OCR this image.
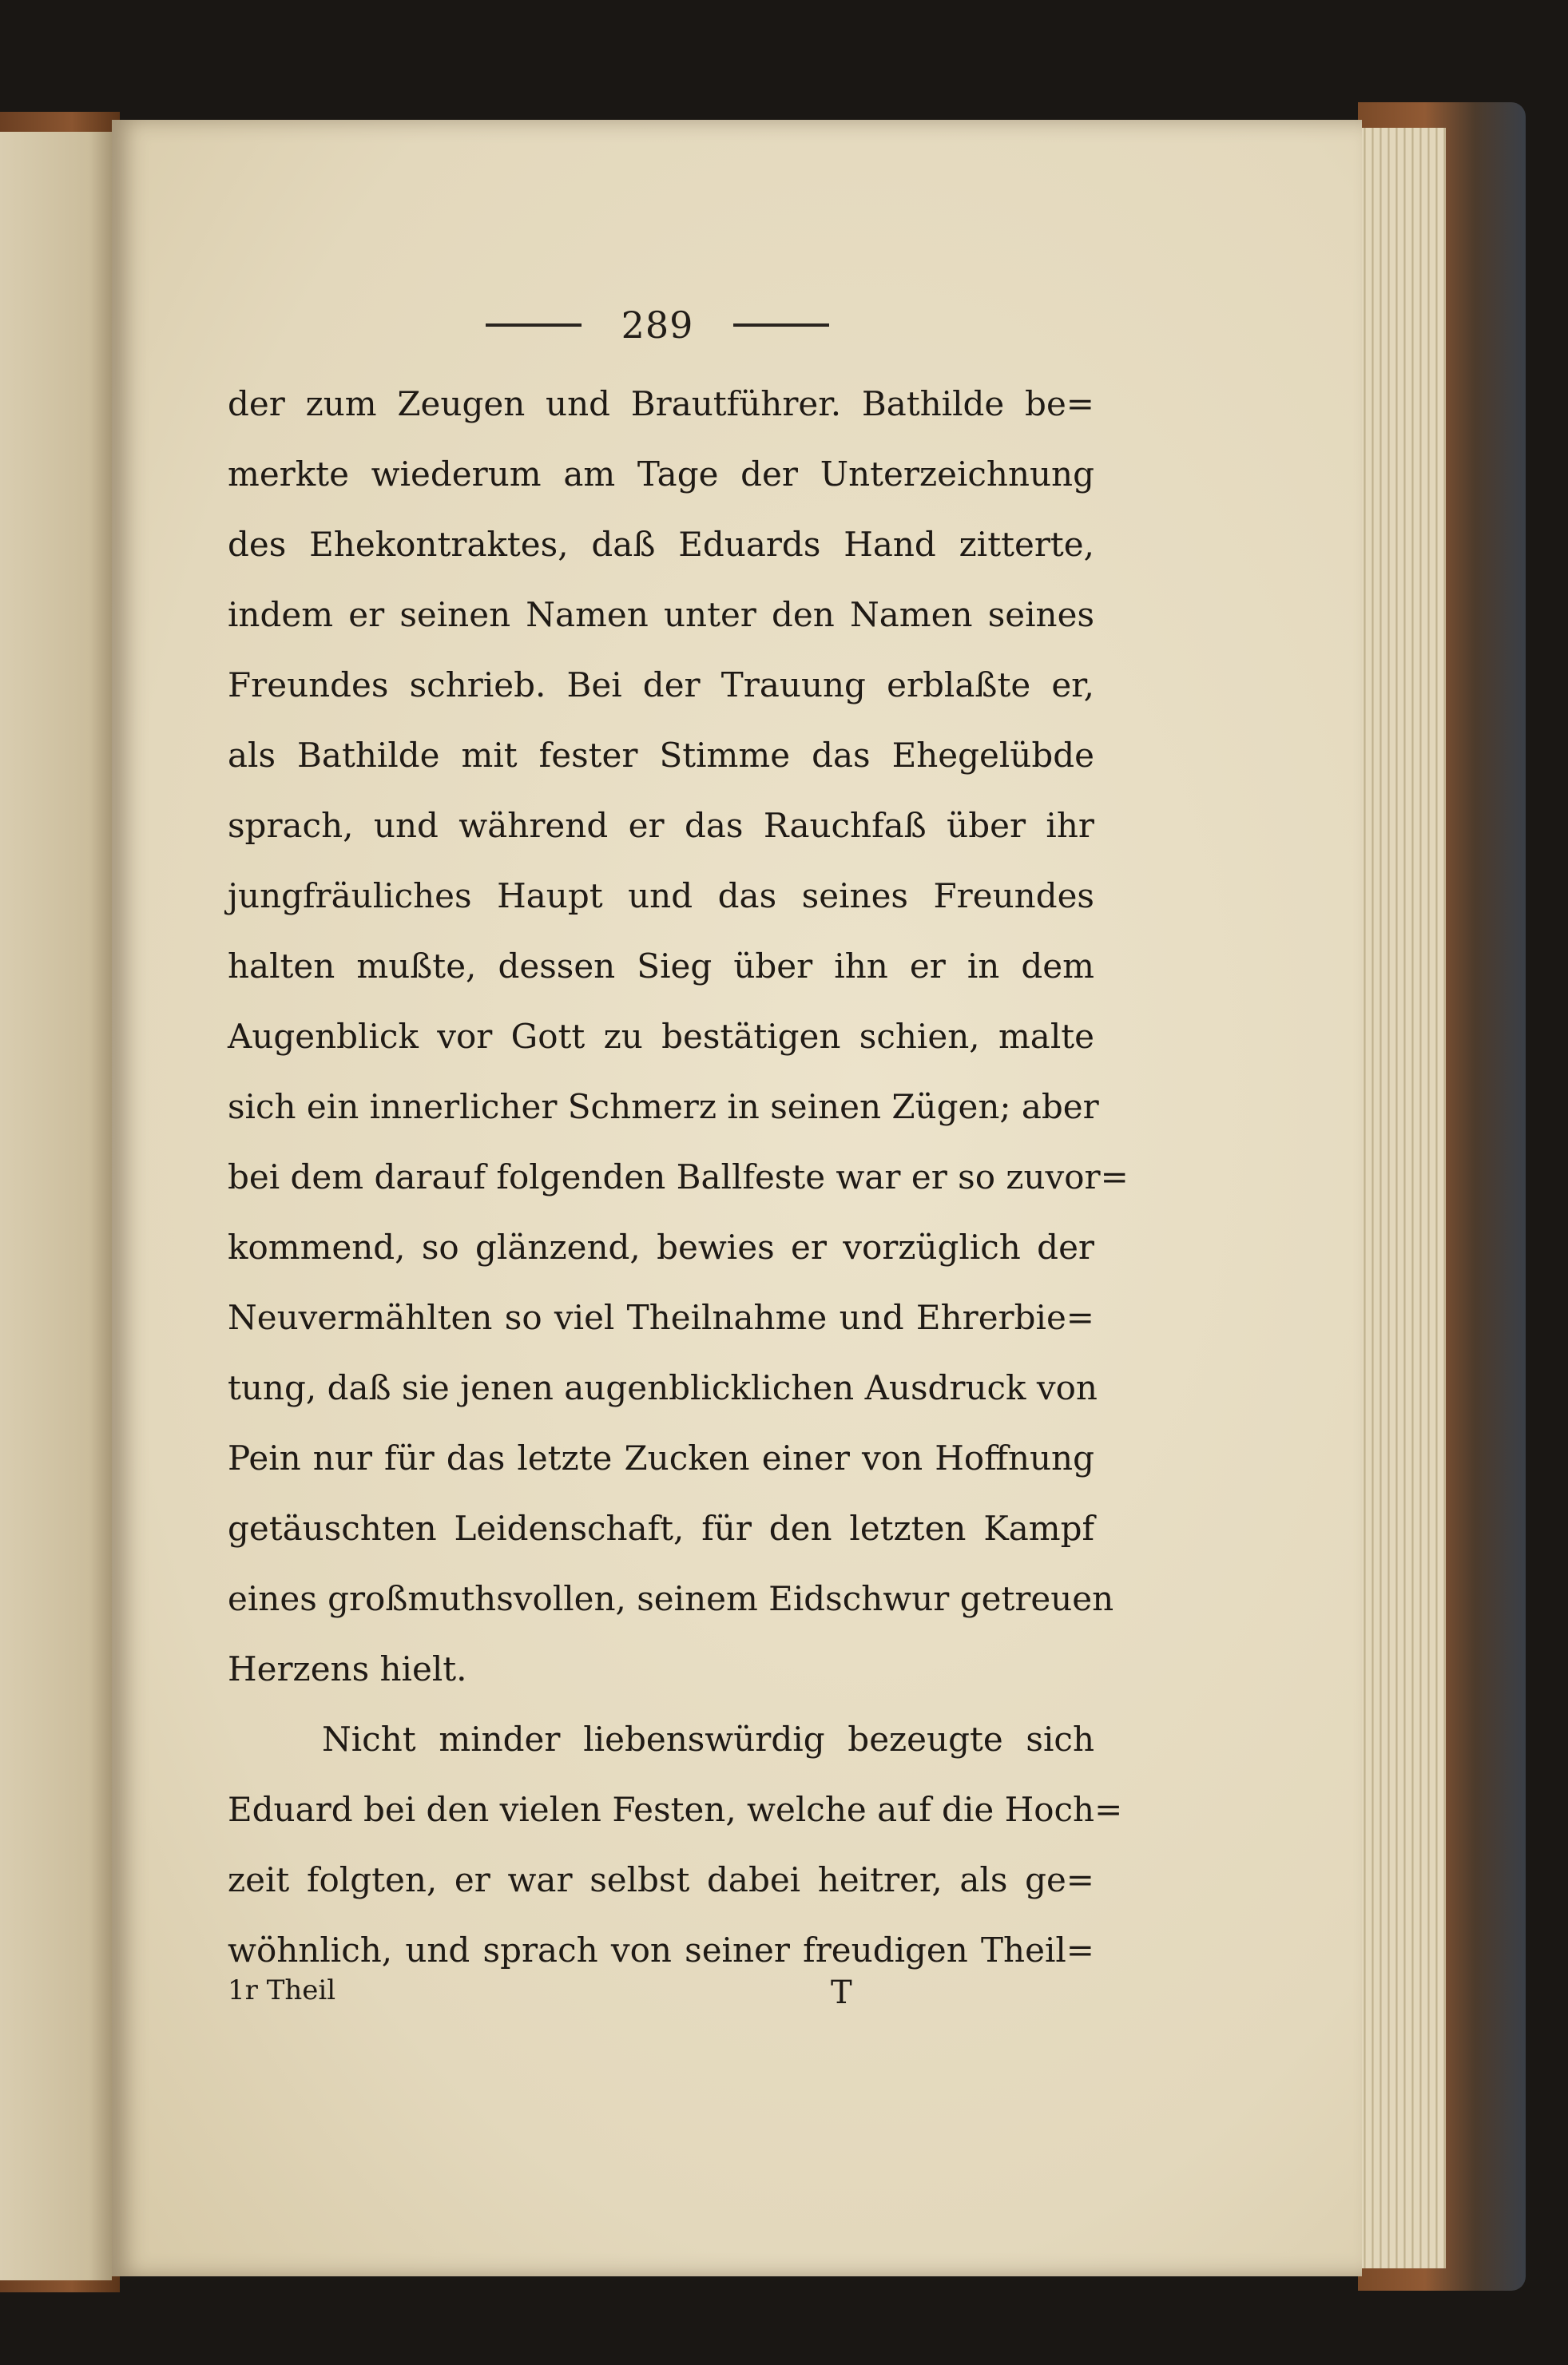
289
der zum Zeugen und Brautführer. Bathilde be=
merkte wiederum am Tage der Unterzeichnung
des Ehekontraktes, daß Eduards Hand zitterte,
indem er seinen Namen unter den Namen seines
Freundes schrieb. Bei der Trauung erblaßte er,
als Bathilde mit fester Stimme das Ehegelübde
sprach, und während er das Rauchfaß über ihr
jungfräuliches Haupt und das seines Freundes
halten mußte, dessen Sieg über ihn er in dem
Augenblick vor Gott zu bestätigen schien, malte
sich ein innerlicher Schmerz in seinen Zügen; aber
bei dem darauf folgenden Ballfeste war er so zuvor=
kommend, so glänzend, bewies er vorzüglich der
Neuvermählten so viel Theilnahme und Ehrerbie=
tung, daß sie jenen augenblicklichen Ausdruck von
Pein nur für das letzte Zucken einer von Hoffnung
getäuschten Leidenschaft, für den letzten Kampf
eines großmuthsvollen, seinem Eidschwur getreuen
Herzens hielt.
Nicht minder liebenswürdig bezeugte sich
Eduard bei den vielen Festen, welche auf die Hoch=
zeit folgten, er war selbst dabei heitrer, als ge=
wöhnlich, und sprach von seiner freudigen Theil=
1r Theil	T
